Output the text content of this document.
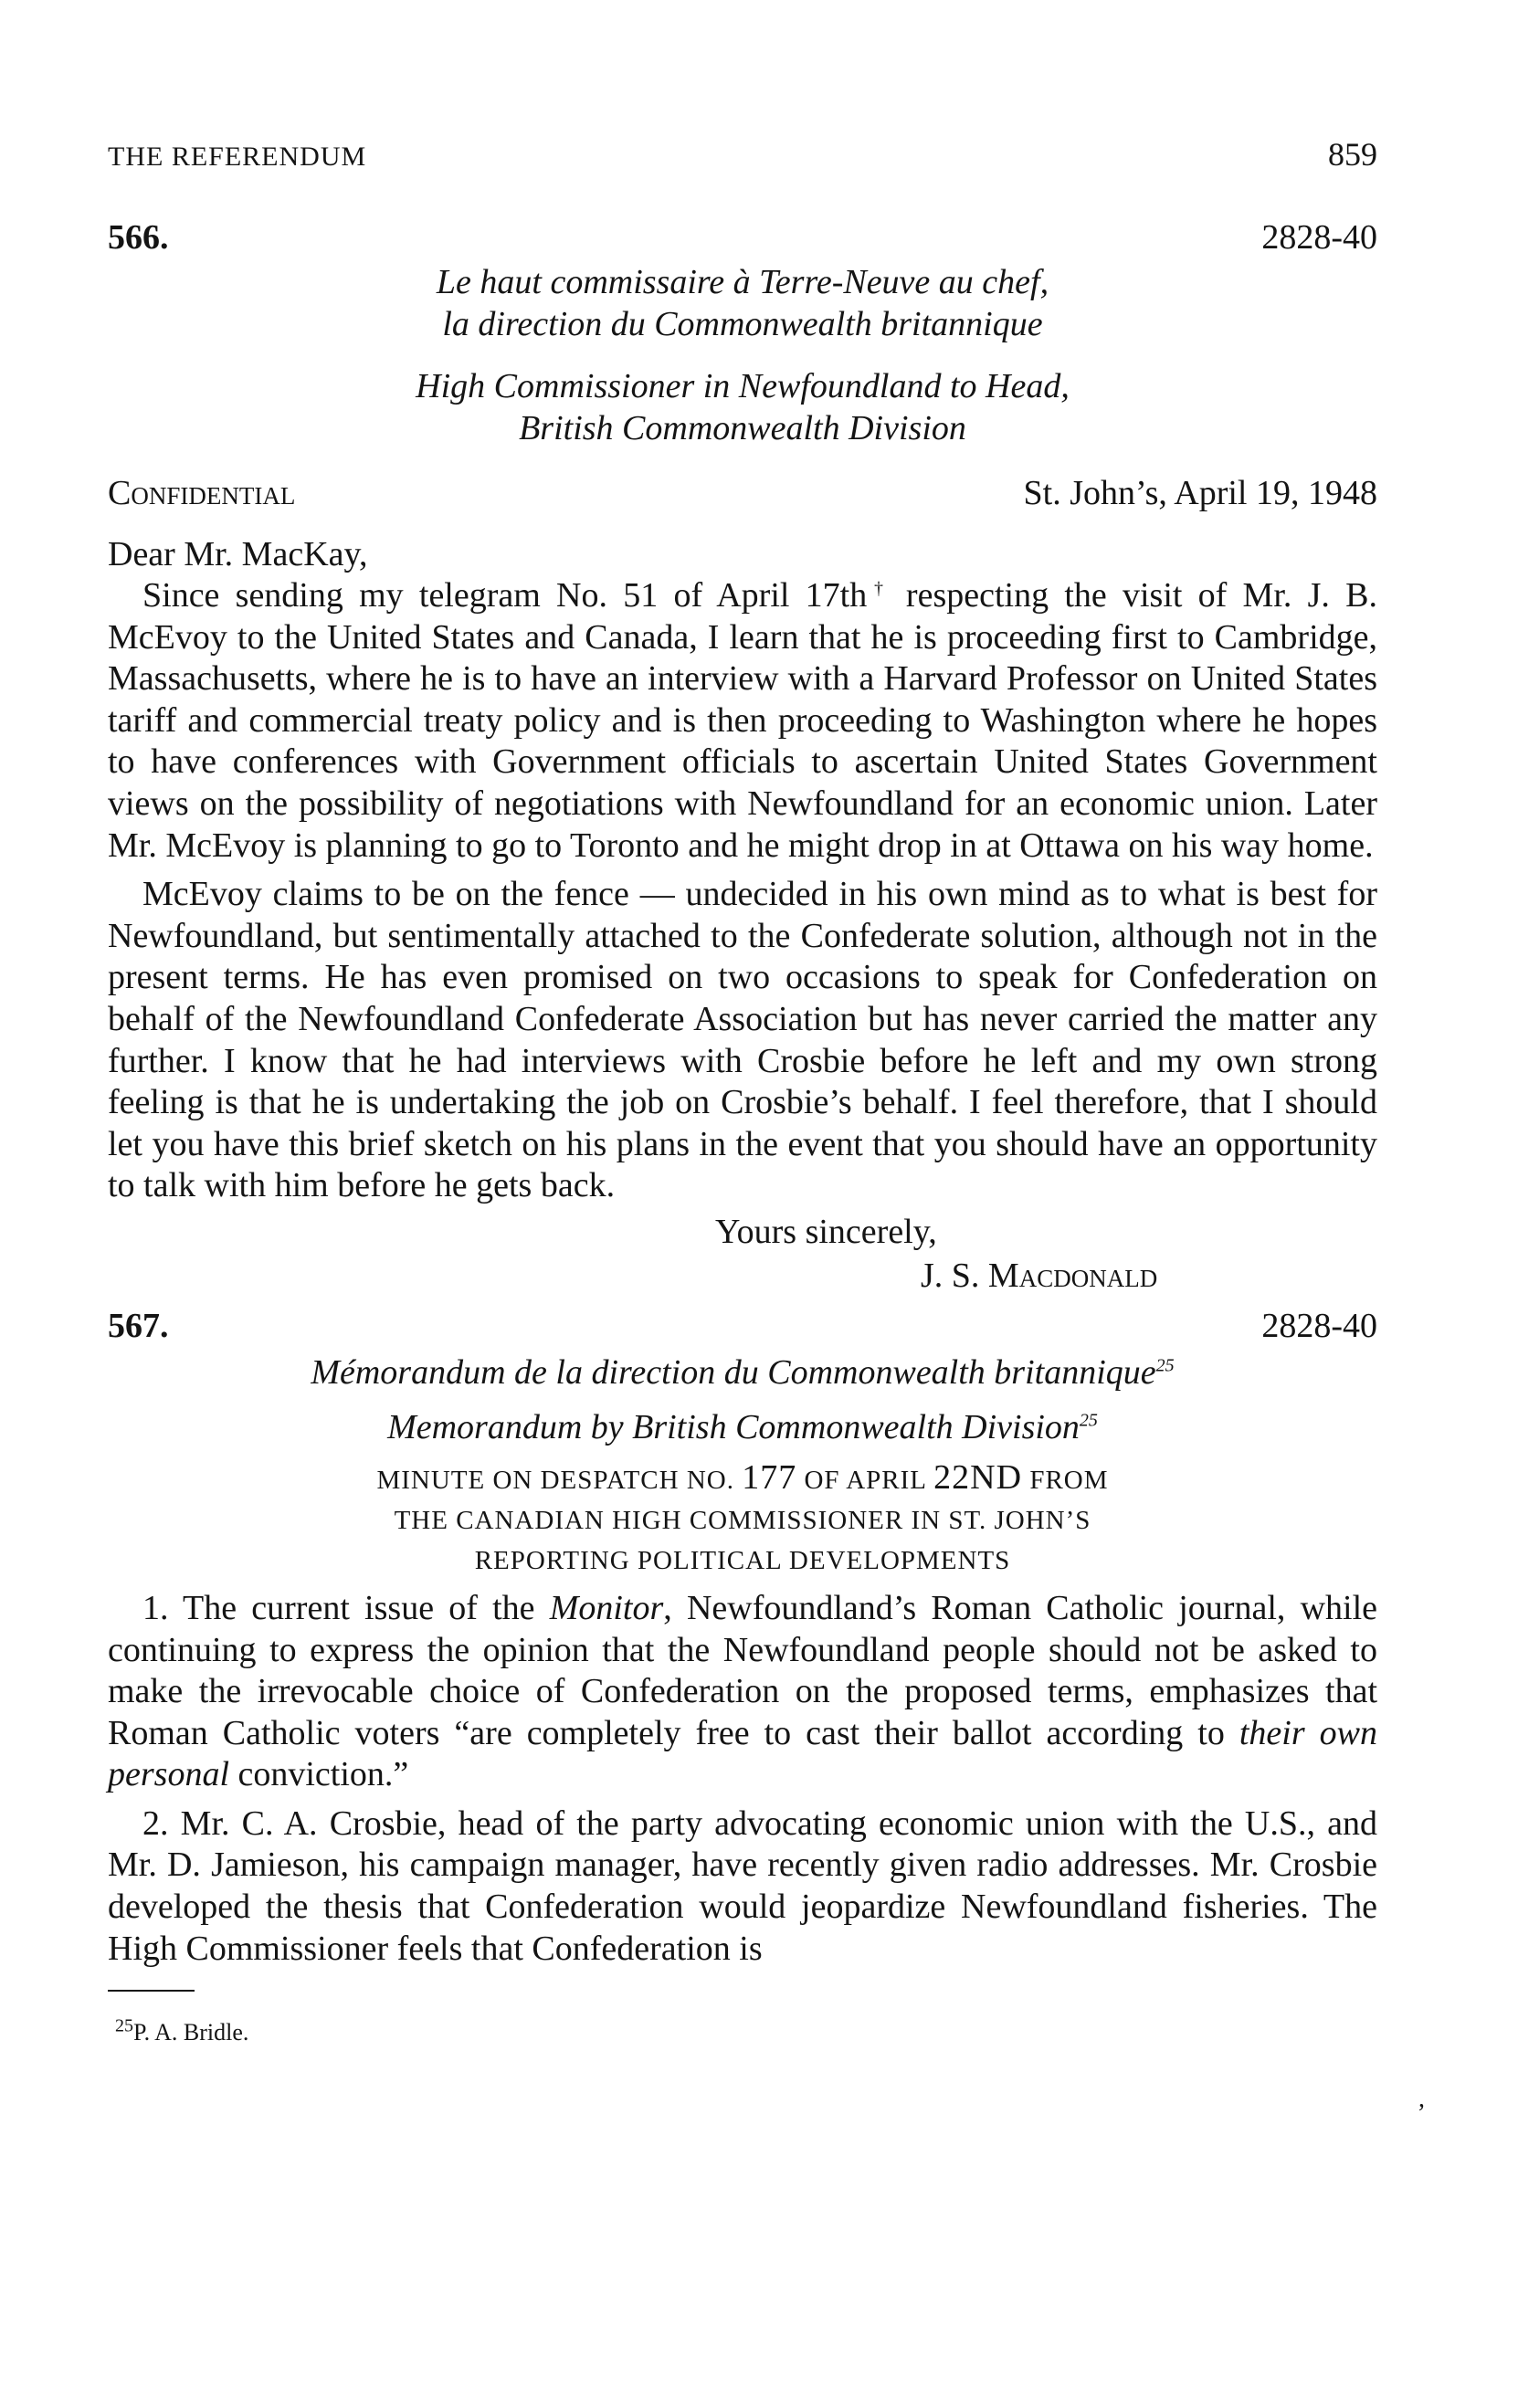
THE REFERENDUM	859
566.	2828-40
Le haut commissaire à Terre-Neuve au chef,
la direction du Commonwealth britannique
High Commissioner in Newfoundland to Head,
British Commonwealth Division
Confidential	St. John’s, April 19, 1948
Dear Mr. MacKay,

Since sending my telegram No. 51 of April 17th† respecting the visit of Mr. J. B. McEvoy to the United States and Canada, I learn that he is proceeding first to Cambridge, Massachusetts, where he is to have an interview with a Harvard Professor on United States tariff and commercial treaty policy and is then proceeding to Washington where he hopes to have conferences with Government officials to ascertain United States Government views on the possibility of negotiations with Newfoundland for an economic union. Later Mr. McEvoy is planning to go to Toronto and he might drop in at Ottawa on his way home.

McEvoy claims to be on the fence — undecided in his own mind as to what is best for Newfoundland, but sentimentally attached to the Confederate solution, although not in the present terms. He has even promised on two occasions to speak for Confederation on behalf of the Newfoundland Confederate Association but has never carried the matter any further. I know that he had interviews with Crosbie before he left and my own strong feeling is that he is undertaking the job on Crosbie’s behalf. I feel therefore, that I should let you have this brief sketch on his plans in the event that you should have an opportunity to talk with him before he gets back.

Yours sincerely,
J. S. Macdonald
567.	2828-40
Mémorandum de la direction du Commonwealth britannique$^{25}$
Memorandum by British Commonwealth Division$^{25}$
MINUTE ON DESPATCH NO. 177 OF APRIL 22ND FROM
THE CANADIAN HIGH COMMISSIONER IN ST. JOHN’S
REPORTING POLITICAL DEVELOPMENTS

1. The current issue of the Monitor, Newfoundland’s Roman Catholic journal, while continuing to express the opinion that the Newfoundland people should not be asked to make the irrevocable choice of Confederation on the proposed terms, emphasizes that Roman Catholic voters “are completely free to cast their ballot according to their own personal conviction.”

2. Mr. C. A. Crosbie, head of the party advocating economic union with the U.S., and Mr. D. Jamieson, his campaign manager, have recently given radio addresses. Mr. Crosbie developed the thesis that Confederation would jeopardize Newfoundland fisheries. The High Commissioner feels that Confederation is

$^{25}$P. A. Bridle.
,
